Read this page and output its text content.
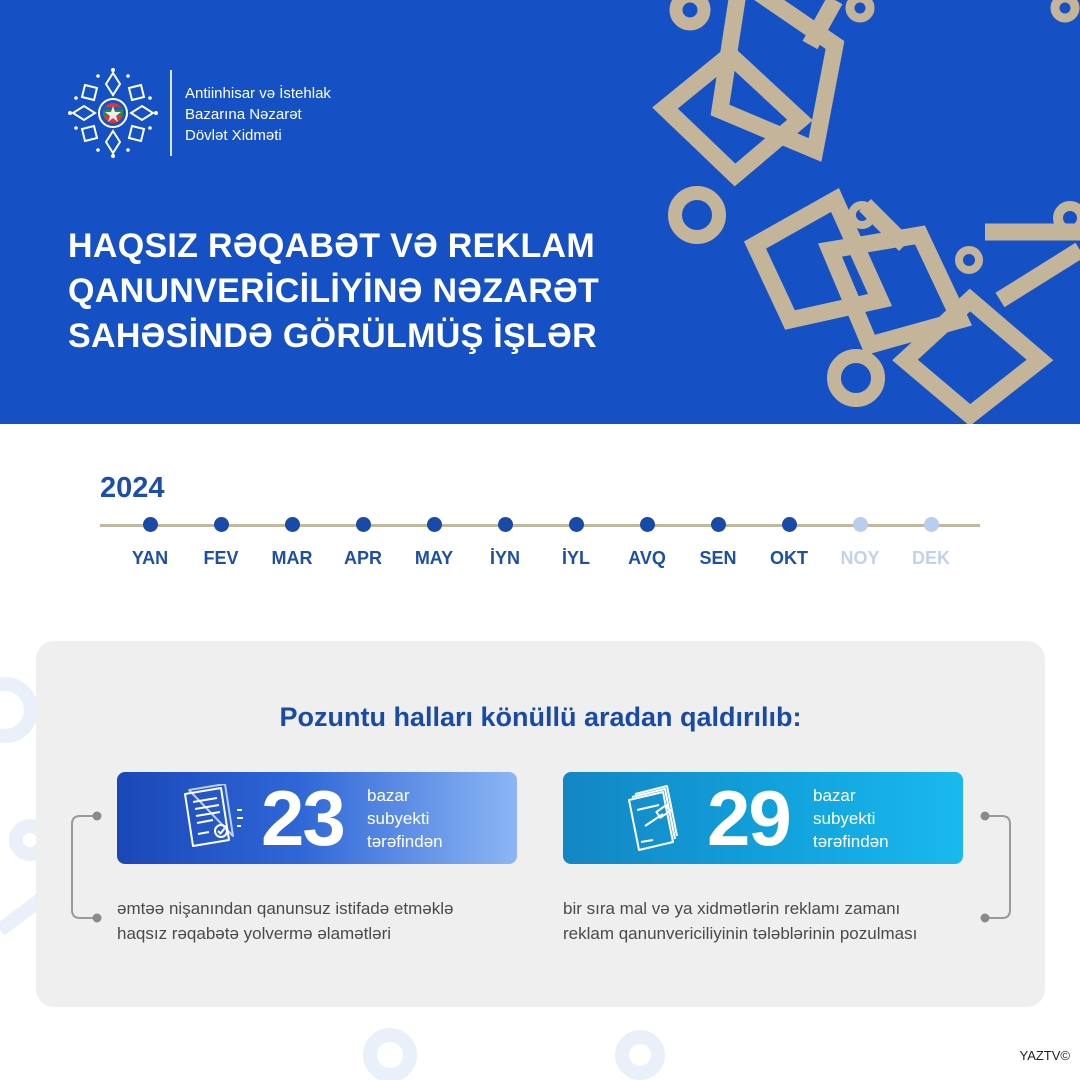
Antiinhisar və İstehlak
Bazarına Nəzarət
Dövlət Xidməti
HAQSIZ RƏQABƏT VƏ REKLAM
QANUNVERİCİLİYİNƏ NƏZARƏT
SAHƏSİNDƏ GÖRÜLMÜŞ İŞLƏR
2024
YAN	FEV	MAR	APR	MAY	İYN	İYL	AVQ	SEN	OKT	NOY	DEK
Pozuntu halları könüllü aradan qaldırılıb:
23 bazar
subyekti
tərəfindən	29 bazar
subyekti
tərəfindən
əmtəə nişanından qanunsuz istifadə etməklə
haqsız rəqabətə yolvermə əlamətləri
bir sıra mal və ya xidmətlərin reklamı zamanı
reklam qanunvericiliyinin tələblərinin pozulması
YAZTV©
